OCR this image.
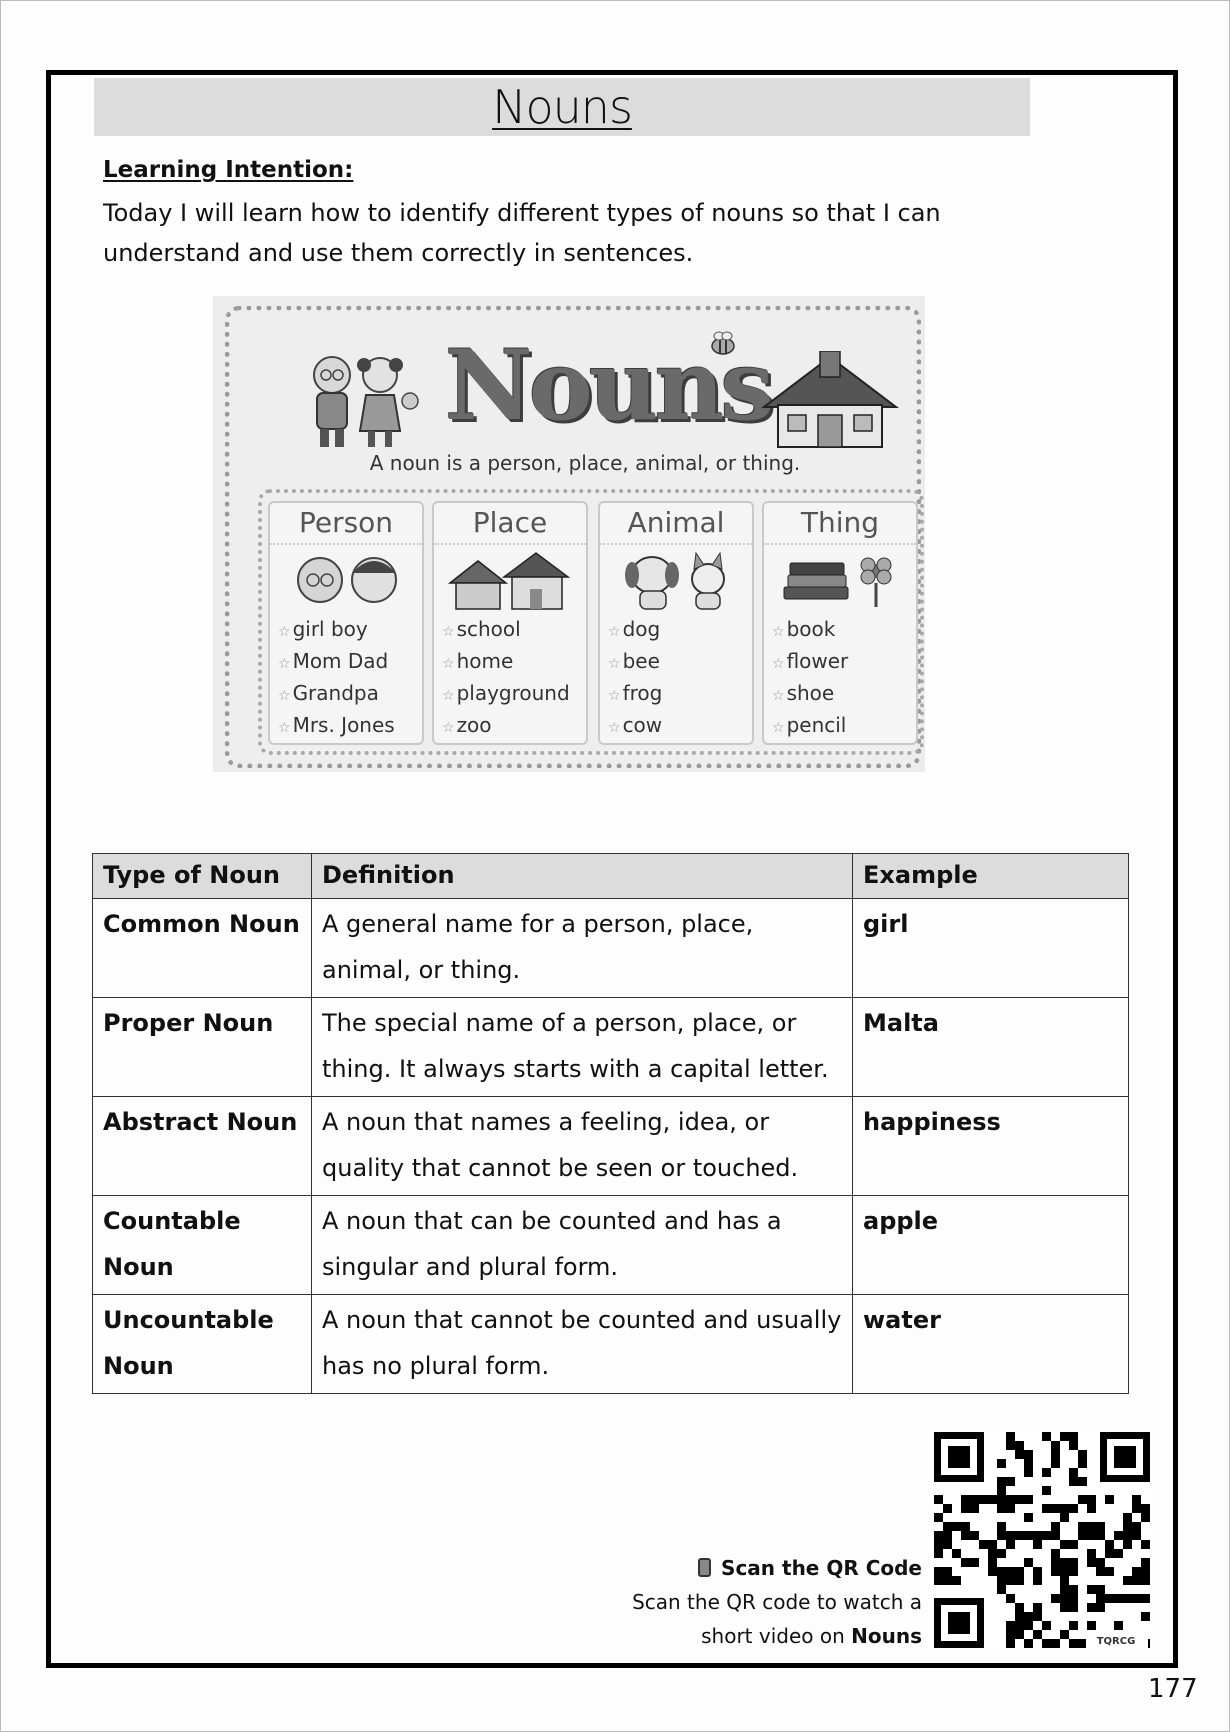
Nouns
Learning Intention:
Today I will learn how to identify different types of nouns so that I can
understand and use them correctly in sentences.
Nouns
A noun is a person, place, animal, or thing.
Person
☆ girl boy
☆ Mom Dad
☆ Grandpa
☆ Mrs. Jones
Place
☆ school
☆ home
☆ playground
☆ zoo
Animal
☆ dog
☆ bee
☆ frog
☆ cow
Thing
☆ book
☆ flower
☆ shoe
☆ pencil
Type of Noun	Definition	Example
Common Noun	A general name for a person, place, animal, or thing.	girl
Proper Noun	The special name of a person, place, or thing. It always starts with a capital letter.	Malta
Abstract Noun	A noun that names a feeling, idea, or quality that cannot be seen or touched.	happiness
Countable Noun	A noun that can be counted and has a singular and plural form.	apple
Uncountable Noun	A noun that cannot be counted and usually has no plural form.	water
Scan the QR Code
Scan the QR code to watch a
short video on Nouns	TQRCG
177
